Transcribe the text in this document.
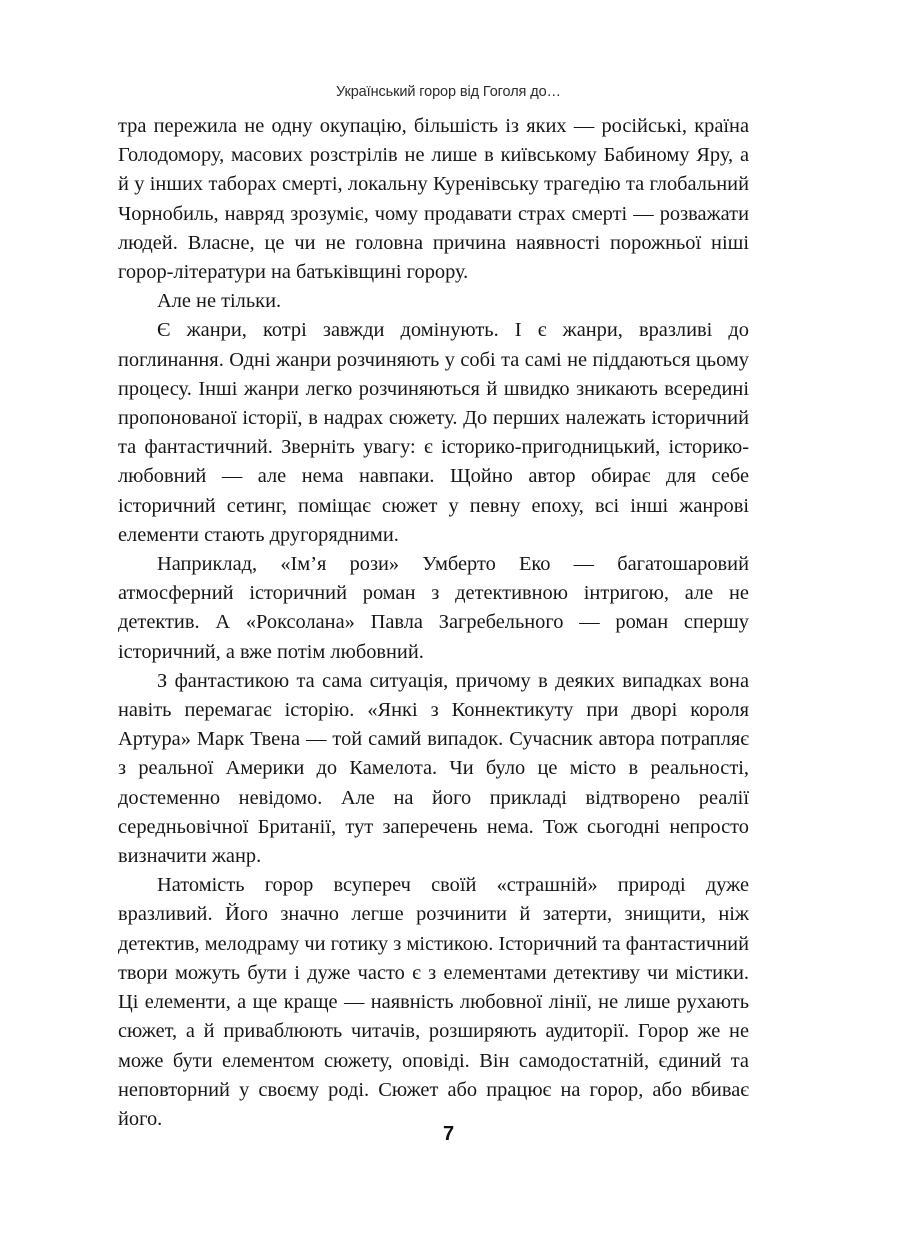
Український горор від Гоголя до…

тра пережила не одну окупацію, більшість із яких — російські, країна Голодомору, масових розстрілів не лише в київському Бабиному Яру, а й у інших таборах смерті, локальну Куренівську трагедію та глобальний Чорнобиль, навряд зрозуміє, чому продавати страх смерті — розважати людей. Власне, це чи не головна причина наявності порожньої ніші горор-літератури на батьківщині горору.

Але не тільки.

Є жанри, котрі завжди домінують. І є жанри, вразливі до поглинання. Одні жанри розчиняють у собі та самі не піддаються цьому процесу. Інші жанри легко розчиняються й швидко зникають всередині пропонованої історії, в надрах сюжету. До перших належать історичний та фантастичний. Зверніть увагу: є історико-пригодницький, історико-любовний — але нема навпаки. Щойно автор обирає для себе історичний сетинг, поміщає сюжет у певну епоху, всі інші жанрові елементи стають другорядними.

Наприклад, «Ім’я рози» Умберто Еко — багатошаровий атмосферний історичний роман з детективною інтригою, але не детектив. А «Роксолана» Павла Загребельного — роман спершу історичний, а вже потім любовний.

З фантастикою та сама ситуація, причому в деяких випадках вона навіть перемагає історію. «Янкі з Коннектикуту при дворі короля Артура» Марк Твена — той самий випадок. Сучасник автора потрапляє з реальної Америки до Камелота. Чи було це місто в реальності, достеменно невідомо. Але на його прикладі відтворено реалії середньовічної Британії, тут заперечень нема. Тож сьогодні непросто визначити жанр.

Натомість горор всупереч своїй «страшній» природі дуже вразливий. Його значно легше розчинити й затерти, знищити, ніж детектив, мелодраму чи готику з містикою. Історичний та фантастичний твори можуть бути і дуже часто є з елементами детективу чи містики. Ці елементи, а ще краще — наявність любовної лінії, не лише рухають сюжет, а й приваблюють читачів, розширяють аудиторії. Горор же не може бути елементом сюжету, оповіді. Він самодостатній, єдиний та неповторний у своєму роді. Сюжет або працює на горор, або вбиває його.

7
